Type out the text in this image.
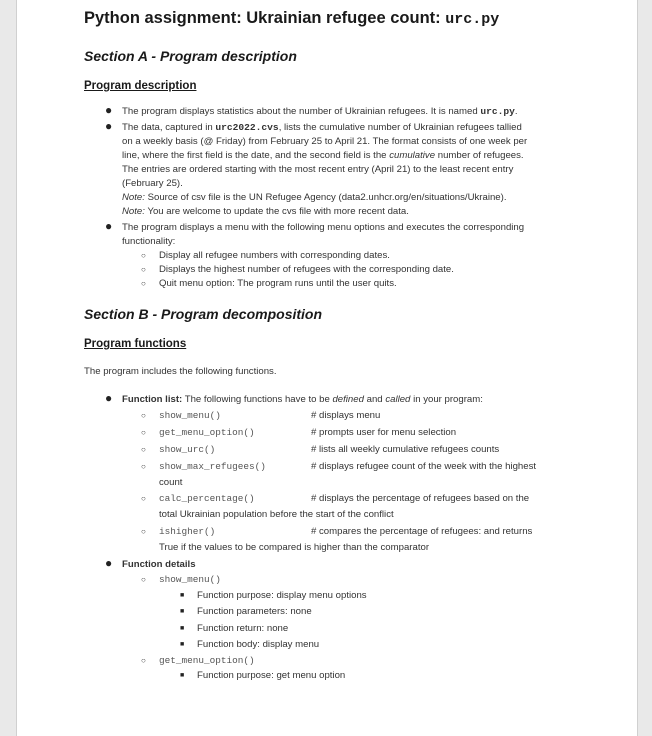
Python assignment: Ukrainian refugee count: urc.py
Section A - Program description
Program description
● The program displays statistics about the number of Ukrainian refugees. It is named urc.py.
● The data, captured in urc2022.cvs, lists the cumulative number of Ukrainian refugees tallied
on a weekly basis (@ Friday) from February 25 to April 21. The format consists of one week per
line, where the first field is the date, and the second field is the cumulative number of refugees.
The entries are ordered starting with the most recent entry (April 21) to the least recent entry
(February 25).
Note: Source of csv file is the UN Refugee Agency (data2.unhcr.org/en/situations/Ukraine).
Note: You are welcome to update the cvs file with more recent data.
● The program displays a menu with the following menu options and executes the corresponding
functionality:
○ Display all refugee numbers with corresponding dates.
○ Displays the highest number of refugees with the corresponding date.
○ Quit menu option: The program runs until the user quits.
Section B - Program decomposition
Program functions
The program includes the following functions.
● Function list: The following functions have to be defined and called in your program:
○ show_menu()	# displays menu
○ get_menu_option()	# prompts user for menu selection
○ show_urc()	# lists all weekly cumulative refugees counts
○ show_max_refugees()	# displays refugee count of the week with the highest
count
○ calc_percentage()	# displays the percentage of refugees based on the
total Ukrainian population before the start of the conflict
○ ishigher()	# compares the percentage of refugees: and returns
True if the values to be compared is higher than the comparator
● Function details
○ show_menu()
■ Function purpose: display menu options
■ Function parameters: none
■ Function return: none
■ Function body: display menu
○ get_menu_option()
■ Function purpose: get menu option
